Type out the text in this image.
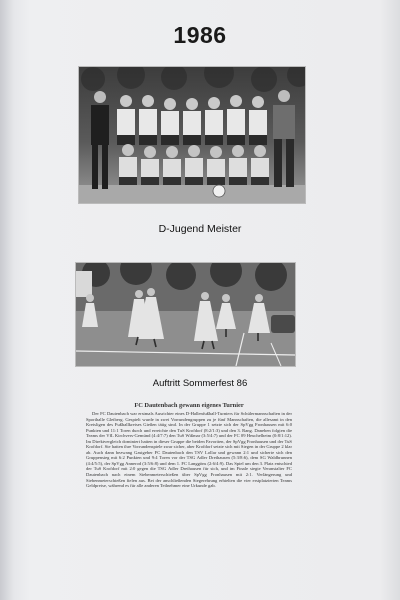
1986
D-Jugend Meister
Auftritt Sommerfest 86
FC Dautenbach gewann eigenes Turnier
Der FC Dautenbach war erstmals Ausrichter eines D-Hallenfußball-Turniers für Schülermannschaften in der Sporthalle Gleiberg. Gespielt wurde in zwei Vorrundengruppen zu je fünf Mannschaften, die allesamt in den Kreisligen des Fußballkreises Gießen tätig sind. In der Gruppe 1 setzte sich der SpVgg Fronhausen mit 6:0 Punkten und 11:1 Toren durch und erreichte den TuS Krofdorf (8:2/1:3) und den 3. Rang. Daneben folgten die Teams der VfL Kirchvers-Gemünd (4:4/7:7) den TuS Wißmar (3:5/4:7) und der FC 09 Heuchelheim (0:8/1:12). Im Direktvergleich dominiert hatten in dieser Gruppe die beiden Favoriten, der SpVgg Fronhausen und der TuS Krofdorf. Sie hatten ihre Vorrundenspiele zwar sicher, aber Krofdorf setzte sich mit Siegen in der Gruppe 2 klar ab. Auch dann bezwang Gastgeber FC Dautenbach den TSV Lollar und gewann 2:1 und sicherte sich den Gruppensieg mit 6:2 Punkten und 9:4 Toren vor der TSG Adler Dreihausen (5:3/8:6), dem SG Waldbrunnen (4:4/5:5), der SpVgg Annerod (3:5/6:8) und dem 1. FC Langgöns (2:6/4:9). Das Spiel um den 3. Platz entschied der TuS Krofdorf mit 2:0 gegen die TSG Adler Dreihausen für sich, und im Finale siegte Veranstalter FC Dautenbach nach einem Siebenmeterschießen über SpVgg Fronhausen mit 2:1. Verlängerung und Siebenmeterschießen fielen aus. Bei der anschließenden Siegerehrung erhielten die vier erstplatzierten Teams Geldpreise, während es für alle anderen Teilnehmer eine Urkunde gab.
